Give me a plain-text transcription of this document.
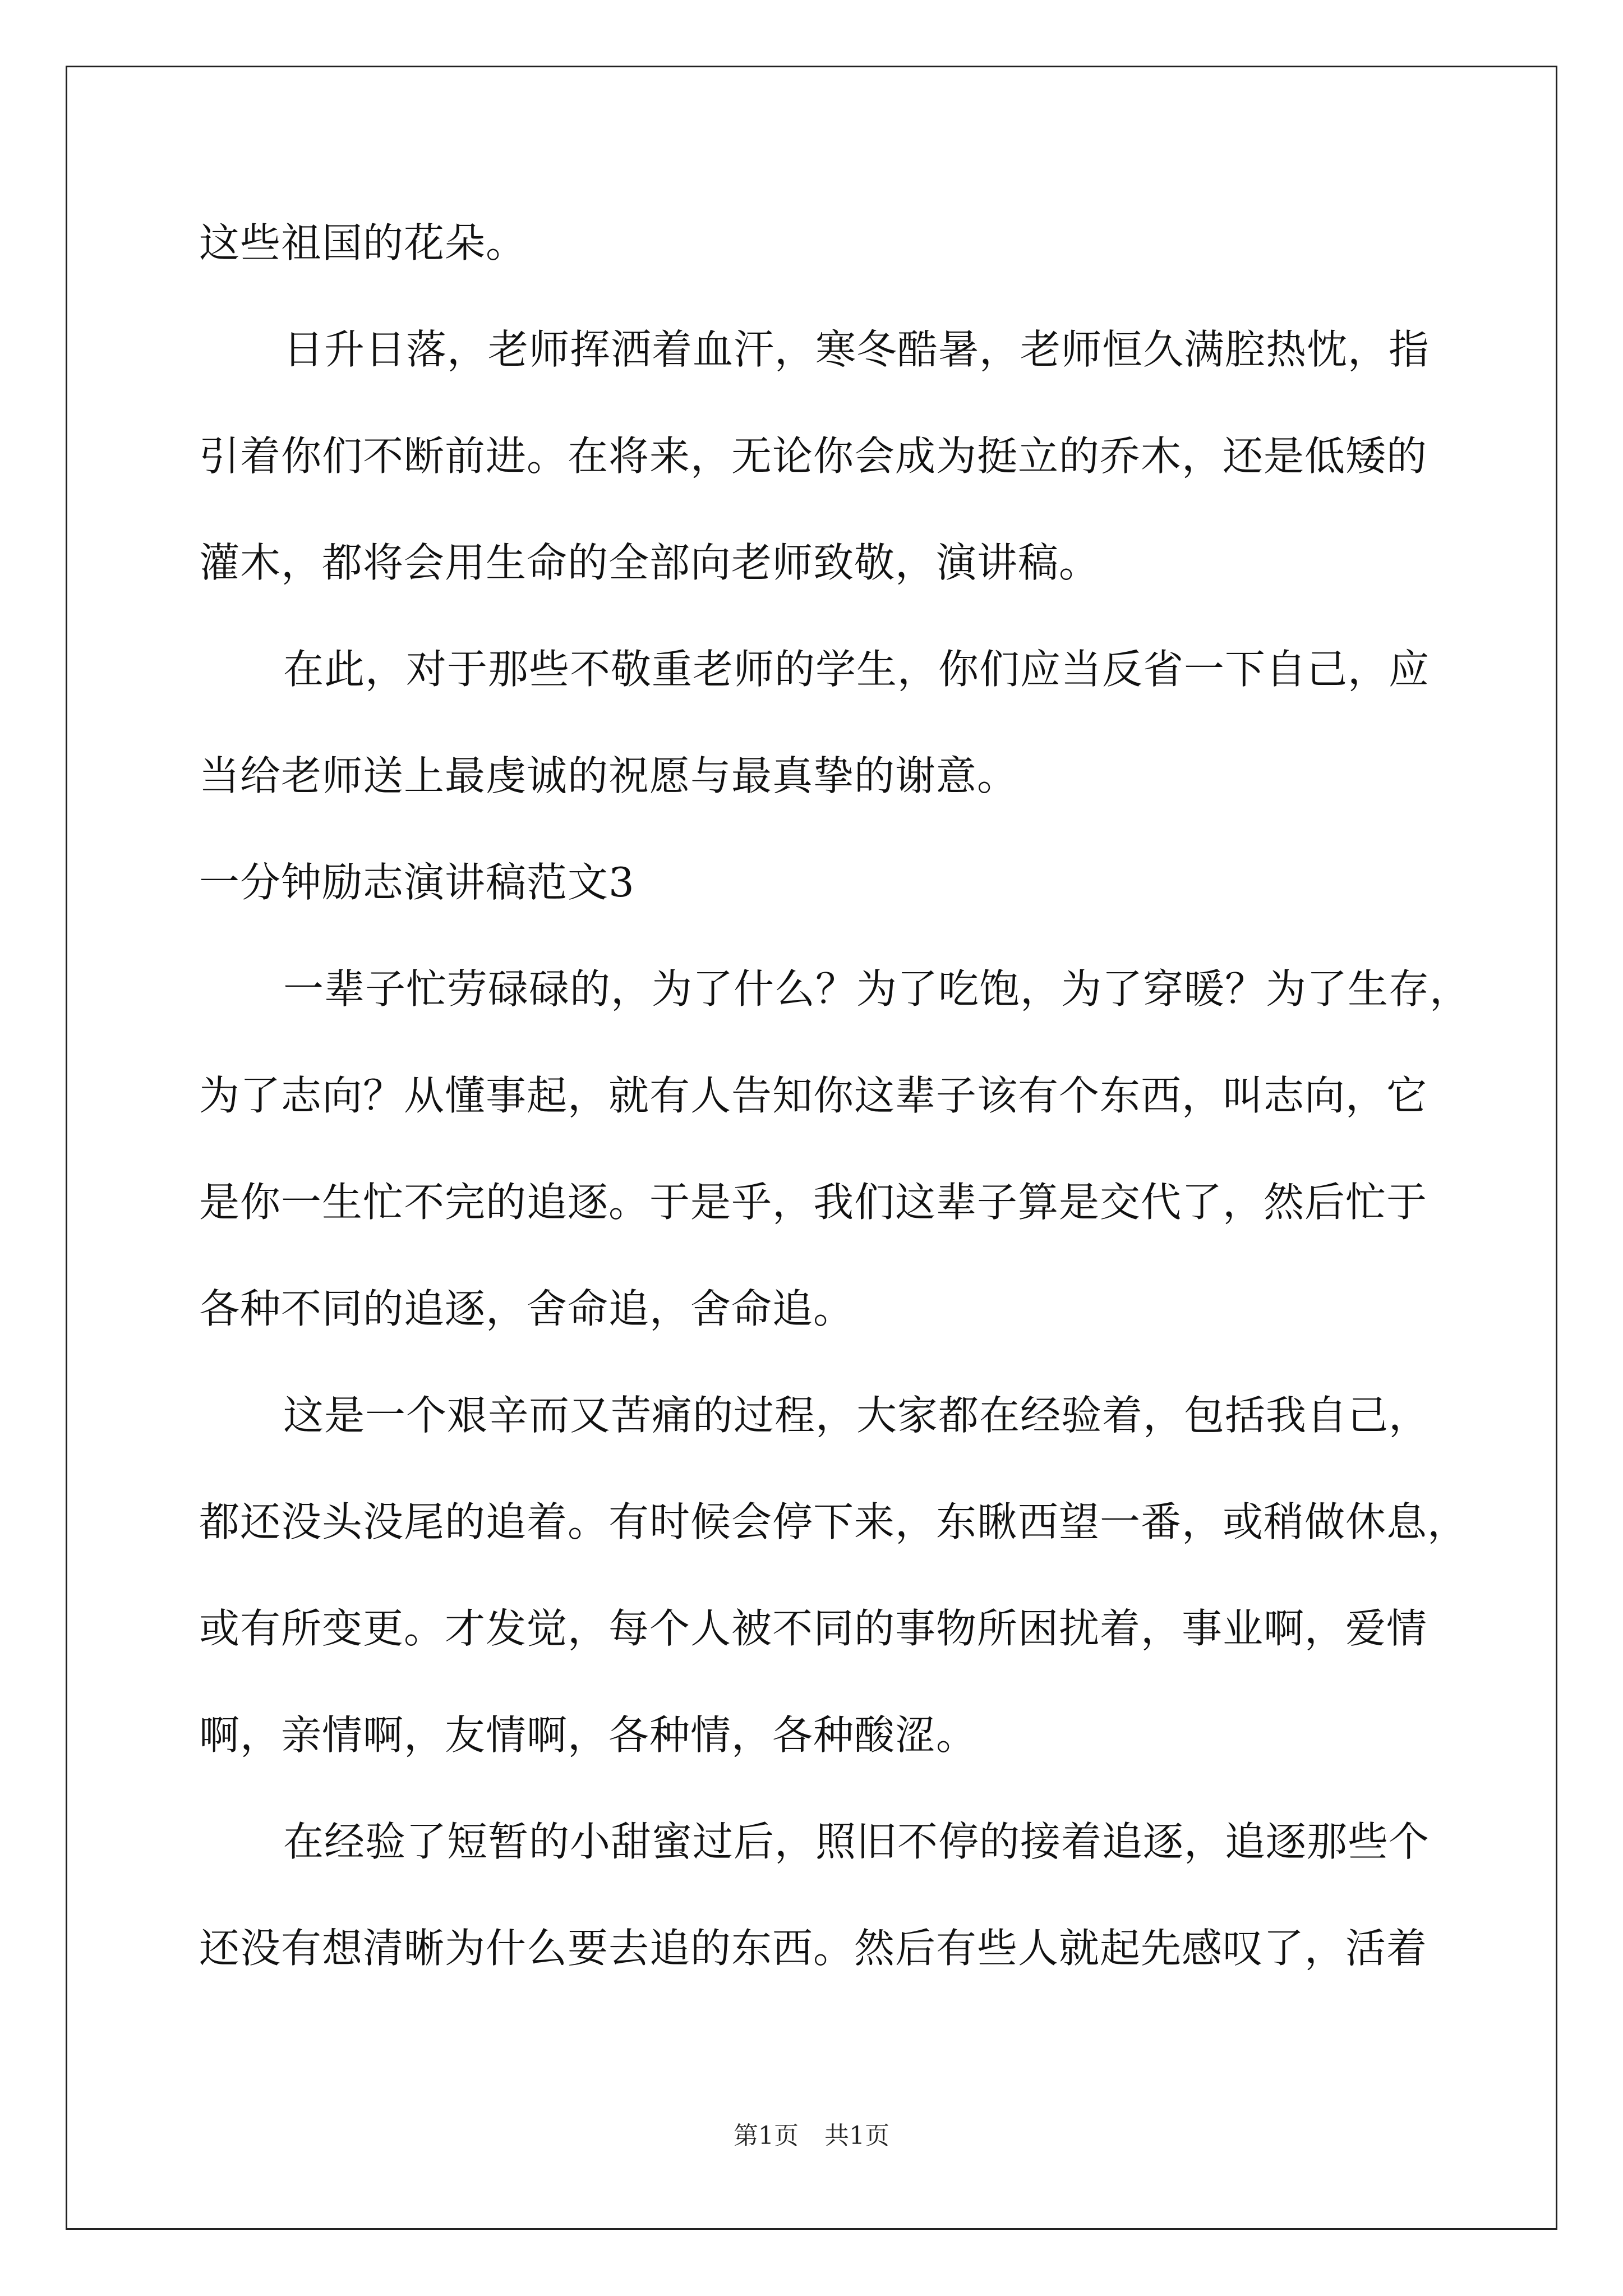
这些祖国的花朵。
日升日落，老师挥洒着血汗，寒冬酷暑，老师恒久满腔热忱，指
引着你们不断前进。在将来，无论你会成为挺立的乔木，还是低矮的
灌木，都将会用生命的全部向老师致敬，演讲稿。
在此，对于那些不敬重老师的学生，你们应当反省一下自己，应
当给老师送上最虔诚的祝愿与最真挚的谢意。
一分钟励志演讲稿范文3
一辈子忙劳碌碌的，为了什么？为了吃饱，为了穿暖？为了生存，
为了志向？从懂事起，就有人告知你这辈子该有个东西，叫志向，它
是你一生忙不完的追逐。于是乎，我们这辈子算是交代了，然后忙于
各种不同的追逐，舍命追，舍命追。
这是一个艰辛而又苦痛的过程，大家都在经验着，包括我自己，
都还没头没尾的追着。有时候会停下来，东瞅西望一番，或稍做休息，
或有所变更。才发觉，每个人被不同的事物所困扰着，事业啊，爱情
啊，亲情啊，友情啊，各种情，各种酸涩。
在经验了短暂的小甜蜜过后，照旧不停的接着追逐，追逐那些个
还没有想清晰为什么要去追的东西。然后有些人就起先感叹了，活着
第1页 共1页
